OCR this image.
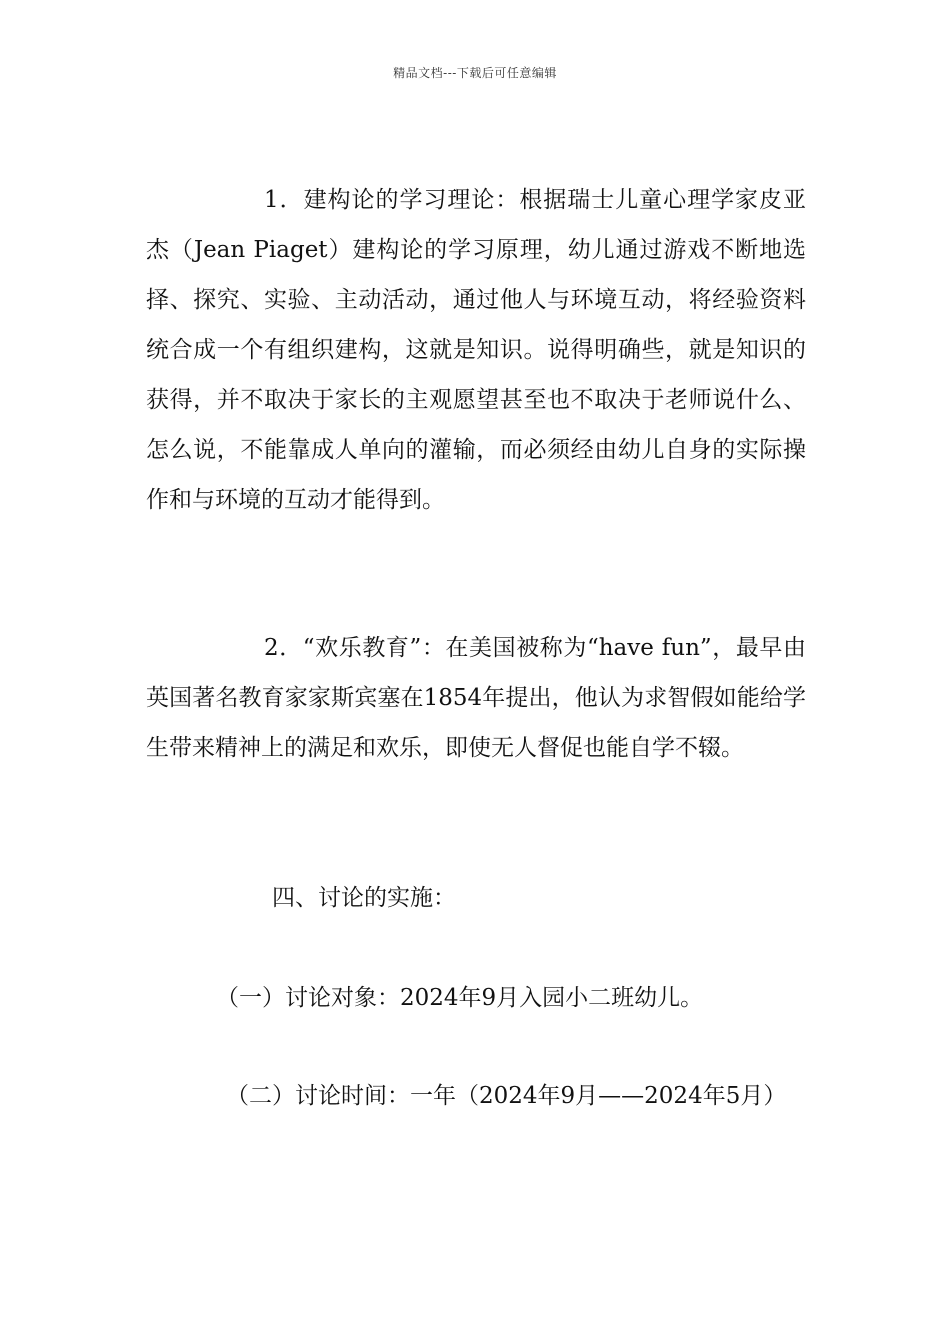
精品文档---下载后可任意编辑

1．建构论的学习理论：根据瑞士儿童心理学家皮亚杰（Jean Piaget）建构论的学习原理，幼儿通过游戏不断地选择、探究、实验、主动活动，通过他人与环境互动，将经验资料统合成一个有组织建构，这就是知识。说得明确些，就是知识的获得，并不取决于家长的主观愿望甚至也不取决于老师说什么、怎么说，不能靠成人单向的灌输，而必须经由幼儿自身的实际操作和与环境的互动才能得到。

2．“欢乐教育”：在美国被称为“have fun”，最早由英国著名教育家家斯宾塞在1854年提出，他认为求智假如能给学生带来精神上的满足和欢乐，即使无人督促也能自学不辍。

四、讨论的实施：

（一）讨论对象：2024年9月入园小二班幼儿。

（二）讨论时间：一年（2024年9月——2024年5月）
